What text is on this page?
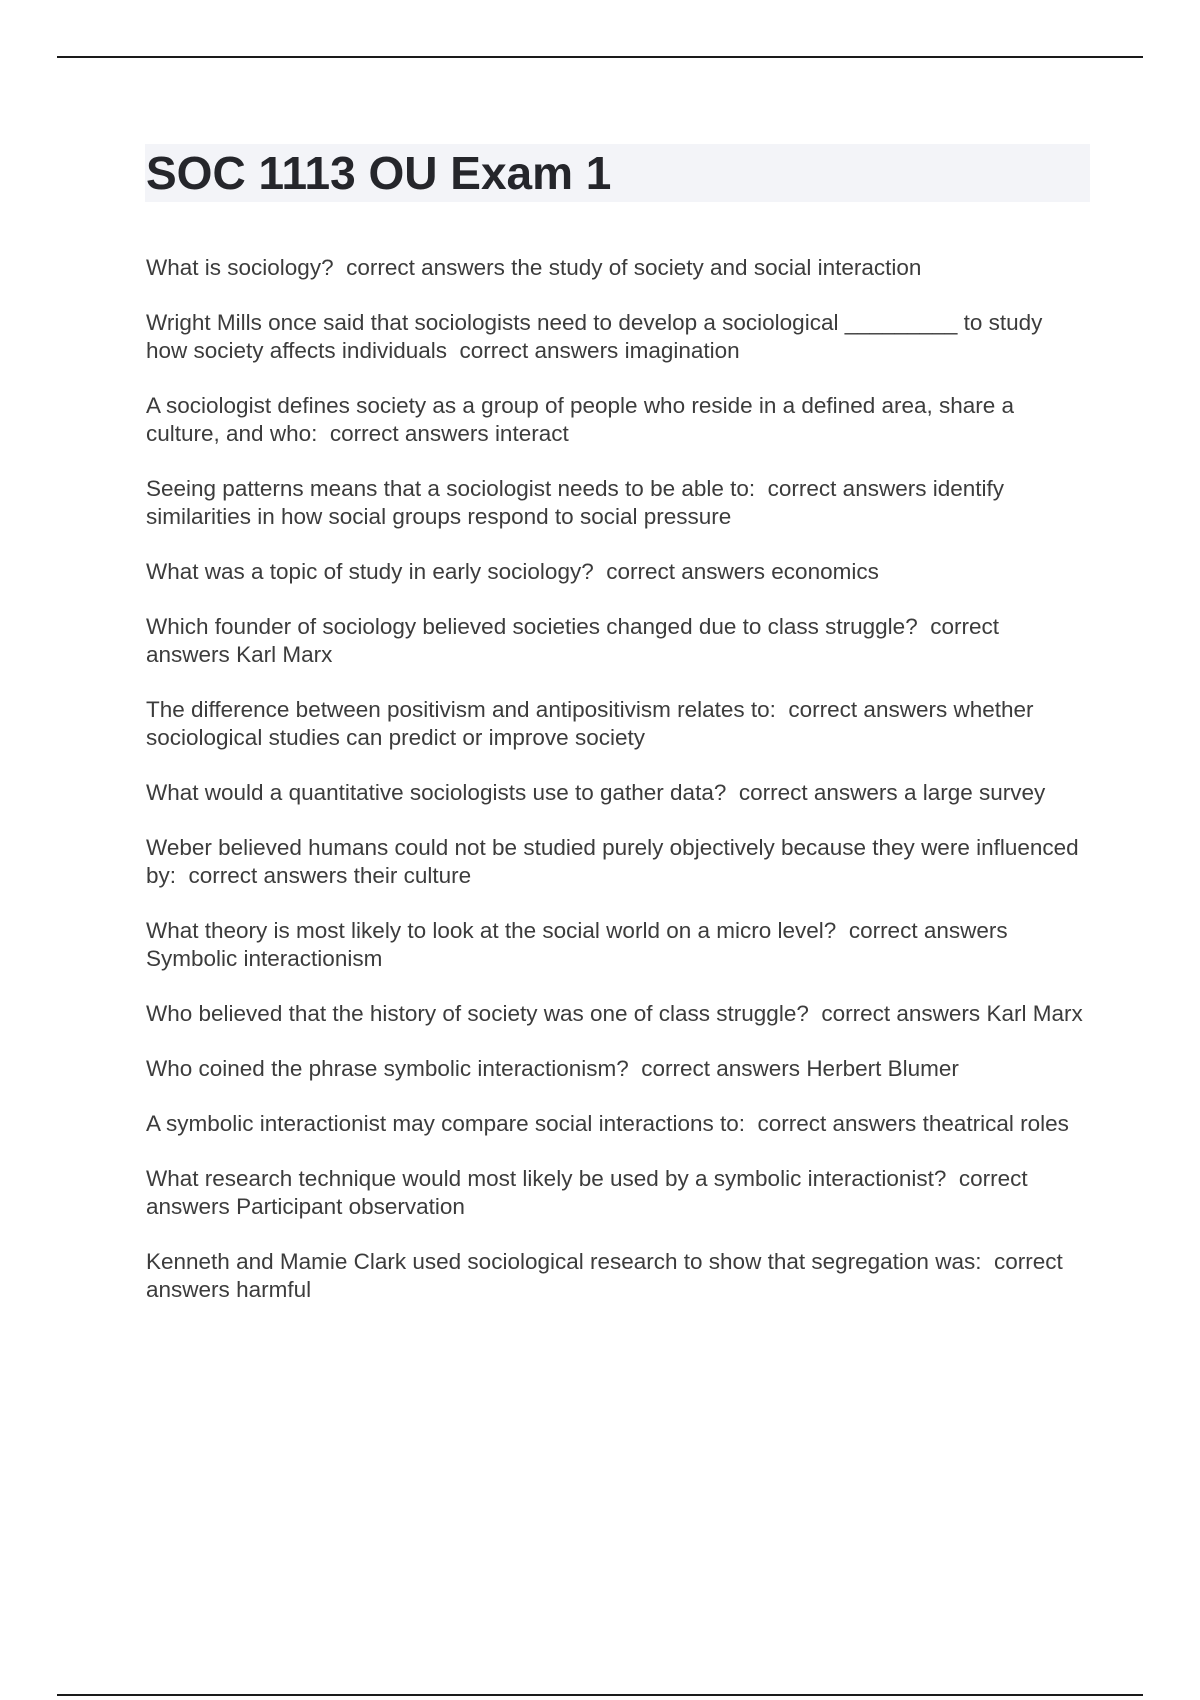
SOC 1113 OU Exam 1
What is sociology? correct answers the study of society and social interaction
Wright Mills once said that sociologists need to develop a sociological _________ to study how society affects individuals correct answers imagination
A sociologist defines society as a group of people who reside in a defined area, share a culture, and who: correct answers interact
Seeing patterns means that a sociologist needs to be able to: correct answers identify similarities in how social groups respond to social pressure
What was a topic of study in early sociology? correct answers economics
Which founder of sociology believed societies changed due to class struggle? correct answers Karl Marx
The difference between positivism and antipositivism relates to: correct answers whether sociological studies can predict or improve society
What would a quantitative sociologists use to gather data? correct answers a large survey
Weber believed humans could not be studied purely objectively because they were influenced by: correct answers their culture
What theory is most likely to look at the social world on a micro level? correct answers Symbolic interactionism
Who believed that the history of society was one of class struggle? correct answers Karl Marx
Who coined the phrase symbolic interactionism? correct answers Herbert Blumer
A symbolic interactionist may compare social interactions to: correct answers theatrical roles
What research technique would most likely be used by a symbolic interactionist? correct answers Participant observation
Kenneth and Mamie Clark used sociological research to show that segregation was: correct answers harmful
